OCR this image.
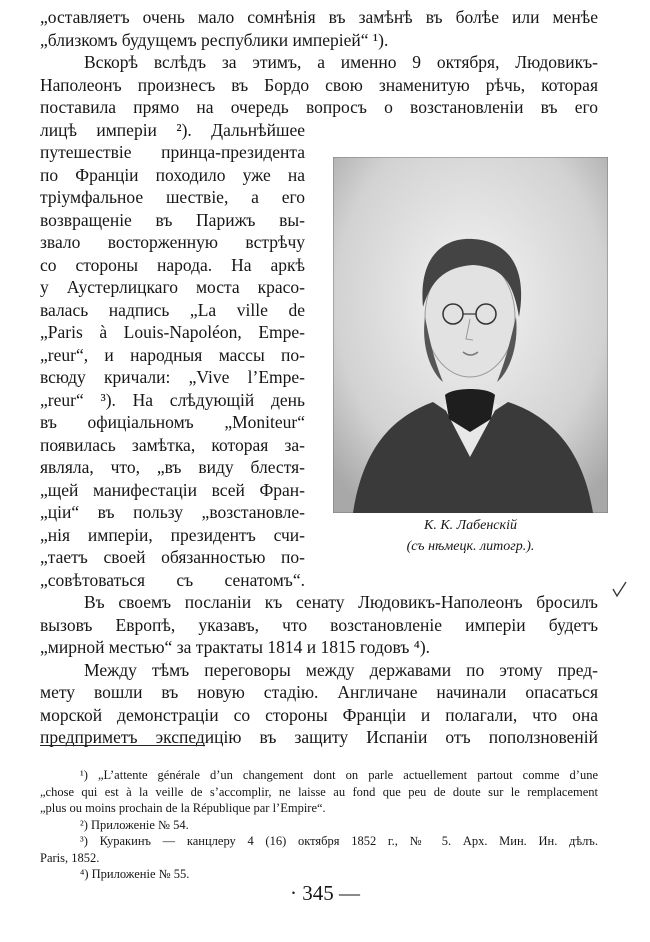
„оставляетъ очень мало сомнѣнія въ замѣнѣ въ болѣе или менѣе
„близкомъ будущемъ республики имперіей“ ¹).
Вскорѣ вслѣдъ за этимъ, а именно 9 октября, Людовикъ-
Наполеонъ произнесъ въ Бордо свою знаменитую рѣчь, которая
поставила прямо на очередь вопросъ о возстановленіи въ его
лицѣ имперіи ²). Дальнѣйшее
путешествіе принца-президента
по Франціи походило уже на
тріумфальное шествіе, а его
возвращеніе въ Парижъ вы-
звало восторженную встрѣчу
со стороны народа. На аркѣ
у Аустерлицкаго моста красо-
валась надпись „La ville de
„Paris à Louis-Napoléon, Empe-
„reur“, и народныя массы по-
всюду кричали: „Vive l’Empe-
„reur“ ³). На слѣдующій день
въ офиціальномъ „Moniteur“
появилась замѣтка, которая за-
являла, что, „въ виду блестя-
„щей манифестаціи всей Фран-
„ціи“ въ пользу „возстановле-
„нія имперіи, президентъ счи-
„таетъ своей обязанностью по-
„совѣтоваться съ сенатомъ“.
К. К. Лабенскій
(съ нѣмецк. литогр.).
Въ своемъ посланіи къ сенату Людовикъ-Наполеонъ бросилъ
вызовъ Европѣ, указавъ, что возстановленіе имперіи будетъ
„мирной местью“ за трактаты 1814 и 1815 годовъ ⁴).
Между тѣмъ переговоры между державами по этому пред-
мету вошли въ новую стадію. Англичане начинали опасаться
морской демонстраціи со стороны Франціи и полагали, что она
предприметъ экспедицію въ защиту Испаніи отъ поползновеній
¹) „L’attente générale d’un changement dont on parle actuellement partout comme d’une
„chose qui est à la veille de s’accomplir, ne laisse au fond que peu de doute sur le remplacement
„plus ou moins prochain de la République par l’Empire“.
²) Приложеніе № 54.
³) Куракинъ — канцлеру 4 (16) октября 1852 г., № 5. Арх. Мин. Ин. дѣлъ.
Paris, 1852.
⁴) Приложеніе № 55.
· 345 —
